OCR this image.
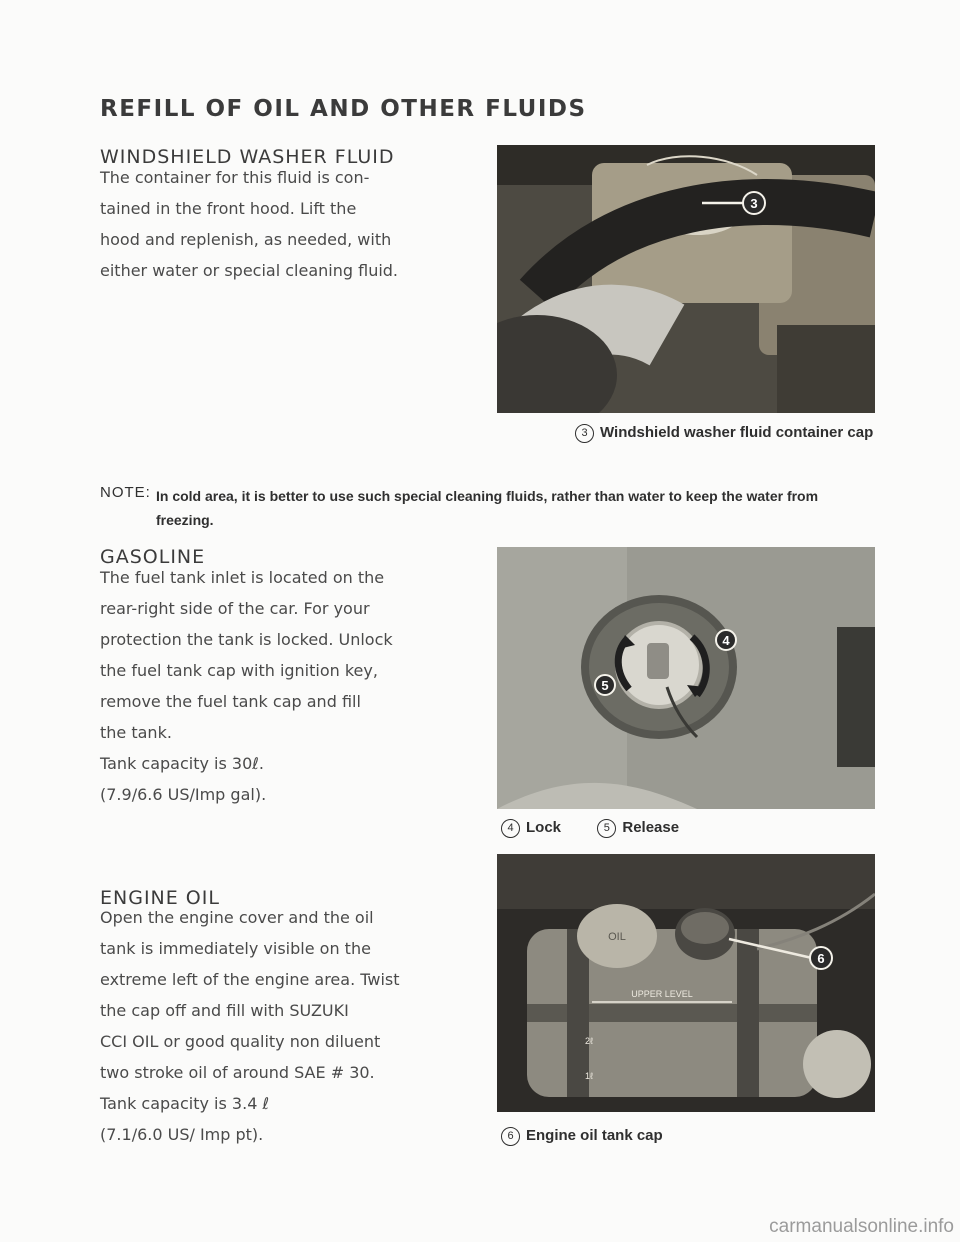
REFILL OF OIL AND OTHER FLUIDS
WINDSHIELD WASHER FLUID

The container for this fluid is con-
tained in the front hood. Lift the
hood and replenish, as needed, with
either water or special cleaning fluid.

3

3 Windshield washer fluid container cap

NOTE: In cold area, it is better to use such special cleaning fluids, rather than water to keep the water from freezing.
GASOLINE

The fuel tank inlet is located on the
rear-right side of the car. For your
protection the tank is locked. Unlock
the fuel tank cap with ignition key,
remove the fuel tank cap and fill
the tank.
Tank capacity is 30ℓ.
(7.9/6.6 US/Imp gal).

4
5

4 Lock	5 Release

ENGINE OIL

Open the engine cover and the oil
tank is immediately visible on the
extreme left of the engine area. Twist
the cap off and fill with SUZUKI
CCI OIL or good quality non diluent
two stroke oil of around SAE # 30.
Tank capacity is 3.4 ℓ
(7.1/6.0 US/ Imp pt).

OIL
UPPER LEVEL
2ℓ
1ℓ
6

6 Engine oil tank cap

carmanualsonline.info
